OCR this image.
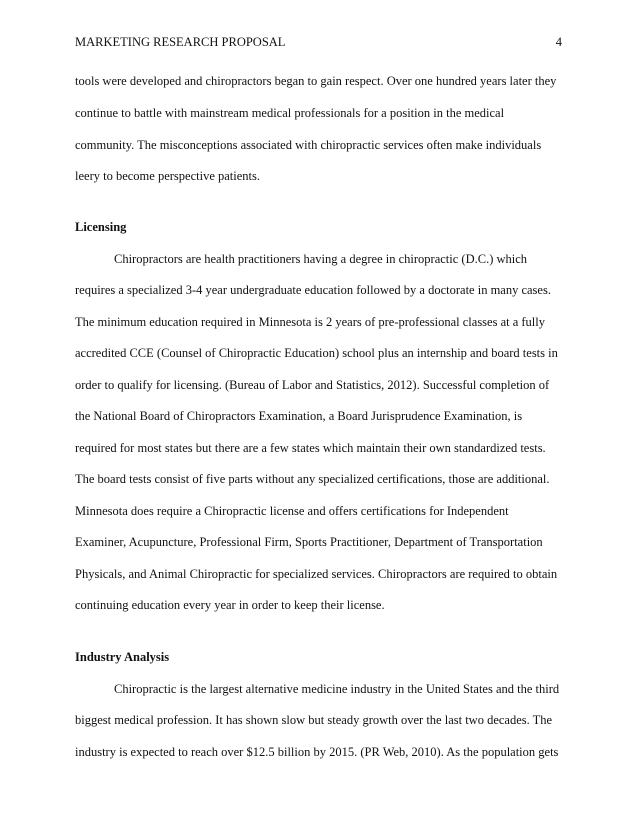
MARKETING RESEARCH PROPOSAL	4
tools were developed and chiropractors began to gain respect. Over one hundred years later they
continue to battle with mainstream medical professionals for a position in the medical
community. The misconceptions associated with chiropractic services often make individuals
leery to become perspective patients.
Licensing
Chiropractors are health practitioners having a degree in chiropractic (D.C.) which
requires a specialized 3-4 year undergraduate education followed by a doctorate in many cases.
The minimum education required in Minnesota is 2 years of pre-professional classes at a fully
accredited CCE (Counsel of Chiropractic Education) school plus an internship and board tests in
order to qualify for licensing. (Bureau of Labor and Statistics, 2012). Successful completion of
the National Board of Chiropractors Examination, a Board Jurisprudence Examination, is
required for most states but there are a few states which maintain their own standardized tests.
The board tests consist of five parts without any specialized certifications, those are additional.
Minnesota does require a Chiropractic license and offers certifications for Independent
Examiner, Acupuncture, Professional Firm, Sports Practitioner, Department of Transportation
Physicals, and Animal Chiropractic for specialized services. Chiropractors are required to obtain
continuing education every year in order to keep their license.
Industry Analysis
Chiropractic is the largest alternative medicine industry in the United States and the third
biggest medical profession. It has shown slow but steady growth over the last two decades. The
industry is expected to reach over $12.5 billion by 2015. (PR Web, 2010). As the population gets
